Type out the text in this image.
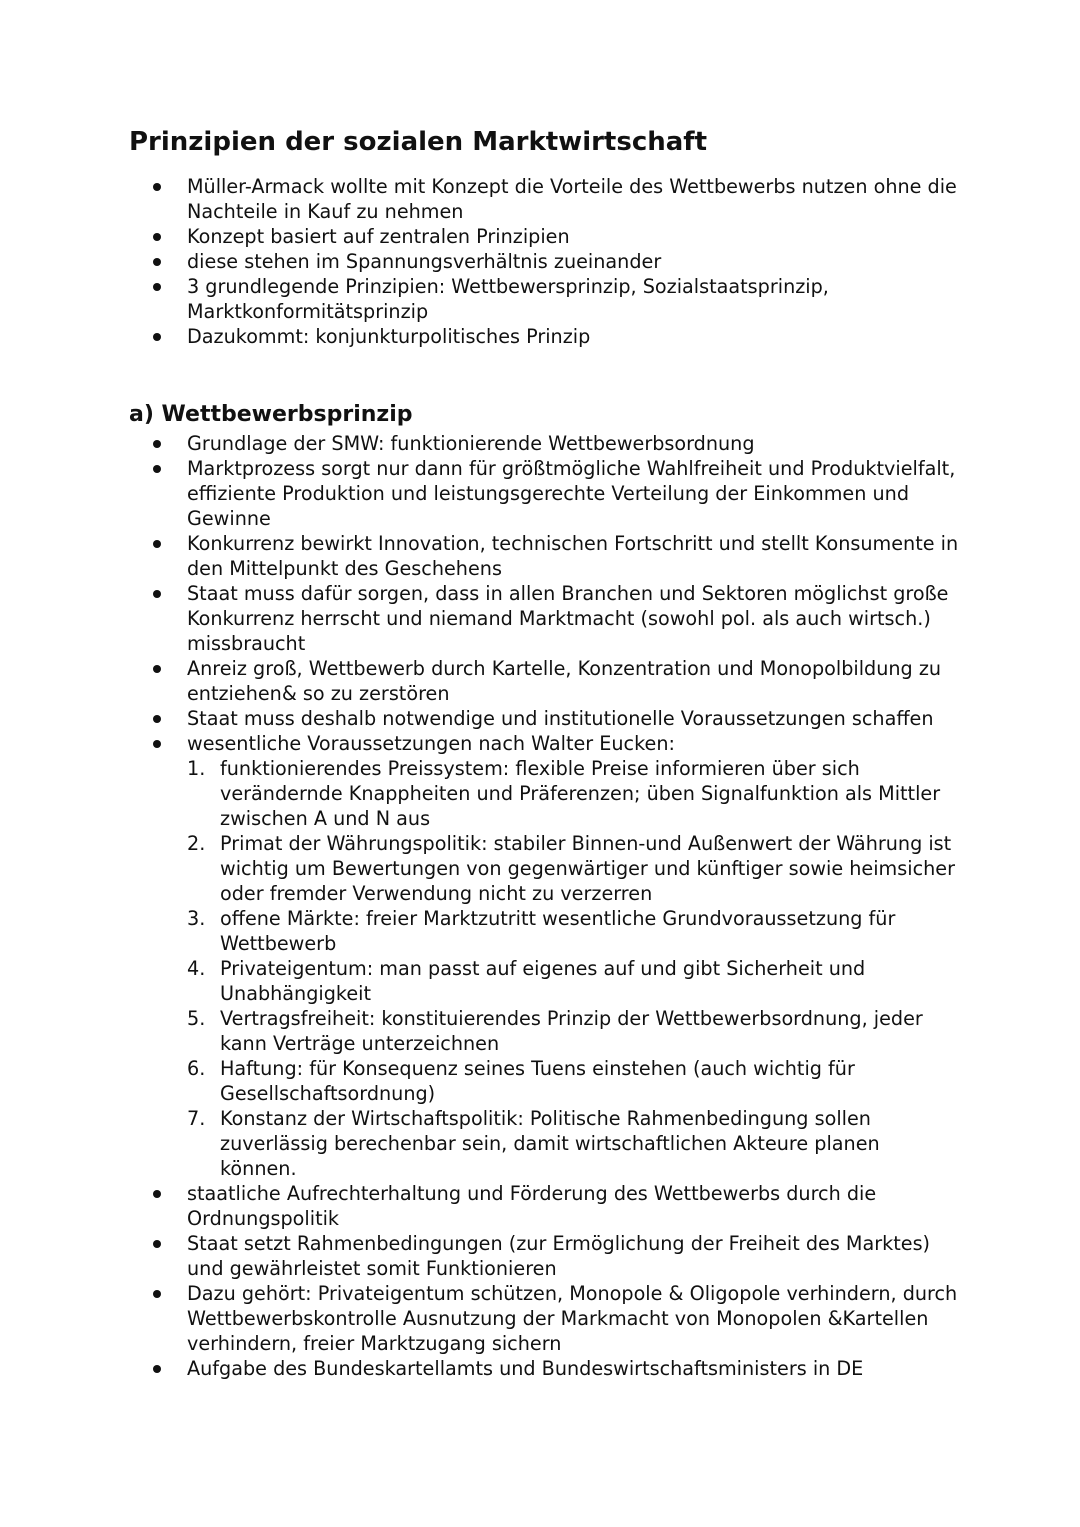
Prinzipien der sozialen Marktwirtschaft
Müller-Armack wollte mit Konzept die Vorteile des Wettbewerbs nutzen ohne die Nachteile in Kauf zu nehmen
Konzept basiert auf zentralen Prinzipien
diese stehen im Spannungsverhältnis zueinander
3 grundlegende Prinzipien: Wettbewersprinzip, Sozialstaatsprinzip, Marktkonformitätsprinzip
Dazukommt: konjunkturpolitisches Prinzip
a) Wettbewerbsprinzip
Grundlage der SMW: funktionierende Wettbewerbsordnung
Marktprozess sorgt nur dann für größtmögliche Wahlfreiheit und Produktvielfalt, effiziente Produktion und leistungsgerechte Verteilung der Einkommen und Gewinne
Konkurrenz bewirkt Innovation, technischen Fortschritt und stellt Konsumente in den Mittelpunkt des Geschehens
Staat muss dafür sorgen, dass in allen Branchen und Sektoren möglichst große Konkurrenz herrscht und niemand Marktmacht (sowohl pol. als auch wirtsch.) missbraucht
Anreiz groß, Wettbewerb durch Kartelle, Konzentration und Monopolbildung zu entziehen& so zu zerstören
Staat muss deshalb notwendige und institutionelle Voraussetzungen schaffen
wesentliche Voraussetzungen nach Walter Eucken:
1. funktionierendes Preissystem: flexible Preise informieren über sich verändernde Knappheiten und Präferenzen; üben Signalfunktion als Mittler zwischen A und N aus
2. Primat der Währungspolitik: stabiler Binnen-und Außenwert der Währung ist wichtig um Bewertungen von gegenwärtiger und künftiger sowie heimsicher oder fremder Verwendung nicht zu verzerren
3. offene Märkte: freier Marktzutritt wesentliche Grundvoraussetzung für Wettbewerb
4. Privateigentum: man passt auf eigenes auf und gibt Sicherheit und Unabhängigkeit
5. Vertragsfreiheit: konstituierendes Prinzip der Wettbewerbsordnung, jeder kann Verträge unterzeichnen
6. Haftung: für Konsequenz seines Tuens einstehen (auch wichtig für Gesellschaftsordnung)
7. Konstanz der Wirtschaftspolitik: Politische Rahmenbedingung sollen zuverlässig berechenbar sein, damit wirtschaftlichen Akteure planen können.
staatliche Aufrechterhaltung und Förderung des Wettbewerbs durch die Ordnungspolitik
Staat setzt Rahmenbedingungen (zur Ermöglichung der Freiheit des Marktes) und gewährleistet somit Funktionieren
Dazu gehört: Privateigentum schützen, Monopole & Oligopole verhindern, durch Wettbewerbskontrolle Ausnutzung der Markmacht von Monopolen &Kartellen verhindern, freier Marktzugang sichern
Aufgabe des Bundeskartellamts und Bundeswirtschaftsministers in DE
